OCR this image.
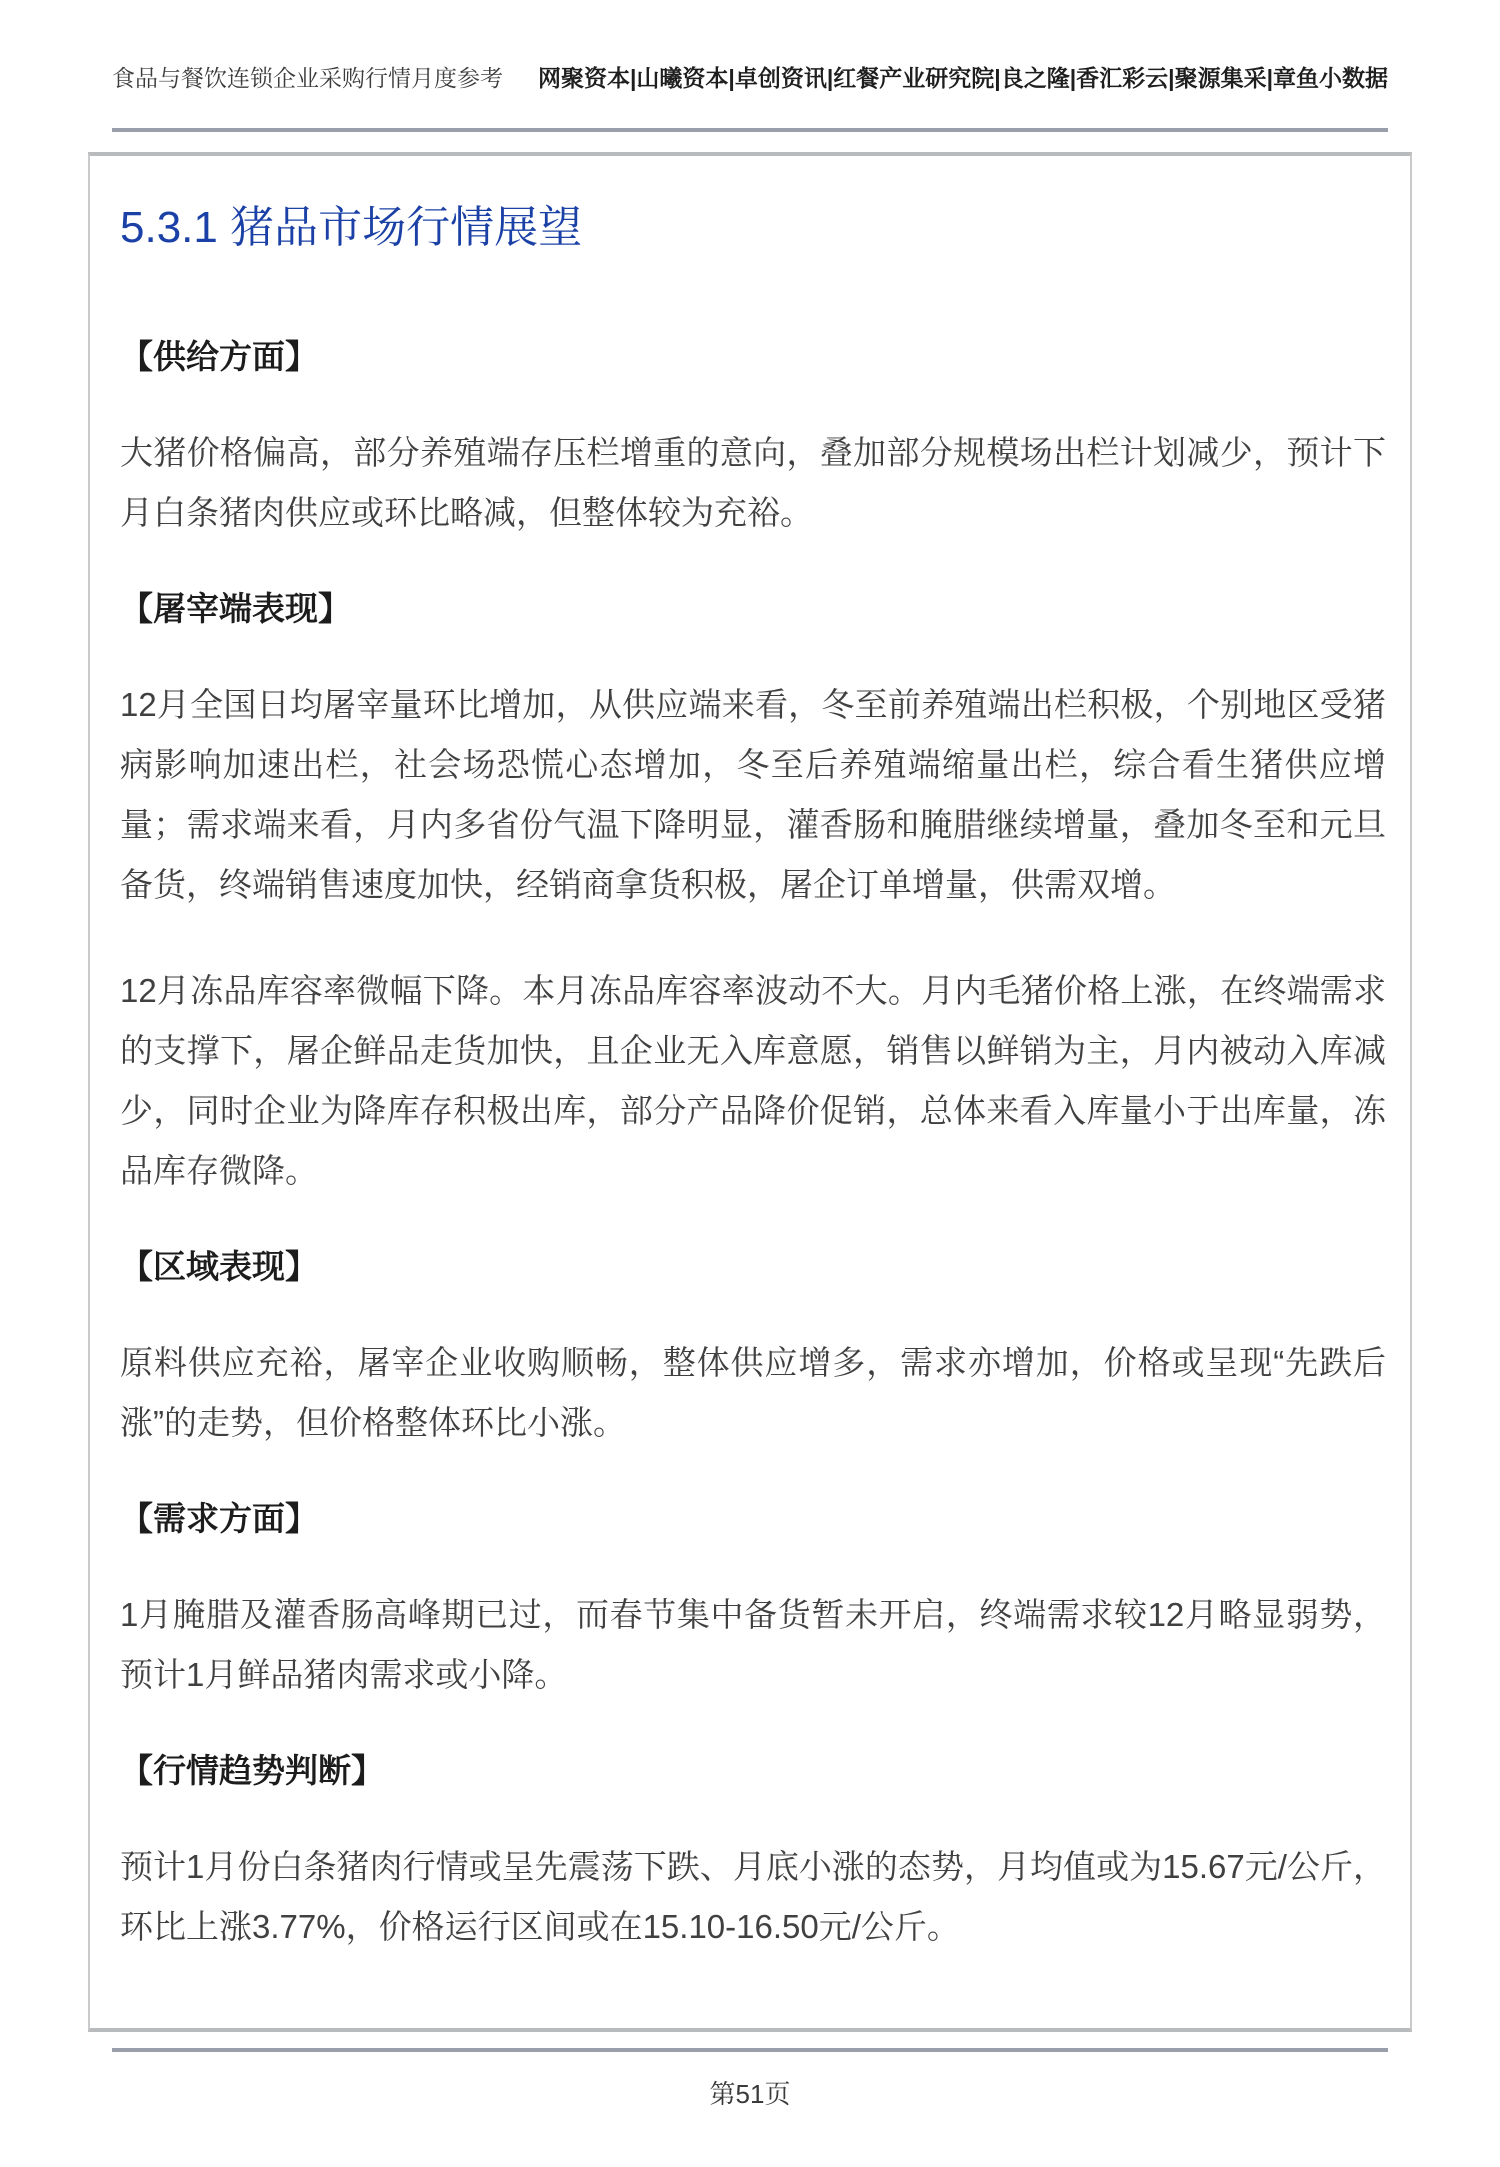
食品与餐饮连锁企业采购行情月度参考 网聚资本|山曦资本|卓创资讯|红餐产业研究院|良之隆|香汇彩云|聚源集采|章鱼小数据
5.3.1 猪品市场行情展望
【供给方面】

大猪价格偏高，部分养殖端存压栏增重的意向，叠加部分规模场出栏计划减少，预计下月白条猪肉供应或环比略减，但整体较为充裕。

【屠宰端表现】

12月全国日均屠宰量环比增加，从供应端来看，冬至前养殖端出栏积极，个别地区受猪病影响加速出栏，社会场恐慌心态增加，冬至后养殖端缩量出栏，综合看生猪供应增量；需求端来看，月内多省份气温下降明显，灌香肠和腌腊继续增量，叠加冬至和元旦备货，终端销售速度加快，经销商拿货积极，屠企订单增量，供需双增。

12月冻品库容率微幅下降。本月冻品库容率波动不大。月内毛猪价格上涨，在终端需求的支撑下，屠企鲜品走货加快，且企业无入库意愿，销售以鲜销为主，月内被动入库减少，同时企业为降库存积极出库，部分产品降价促销，总体来看入库量小于出库量，冻品库存微降。

【区域表现】

原料供应充裕，屠宰企业收购顺畅，整体供应增多，需求亦增加，价格或呈现“先跌后涨”的走势，但价格整体环比小涨。

【需求方面】

1月腌腊及灌香肠高峰期已过，而春节集中备货暂未开启，终端需求较12月略显弱势，预计1月鲜品猪肉需求或小降。

【行情趋势判断】

预计1月份白条猪肉行情或呈先震荡下跌、月底小涨的态势，月均值或为15.67元/公斤，环比上涨3.77%，价格运行区间或在15.10-16.50元/公斤。

第51页
